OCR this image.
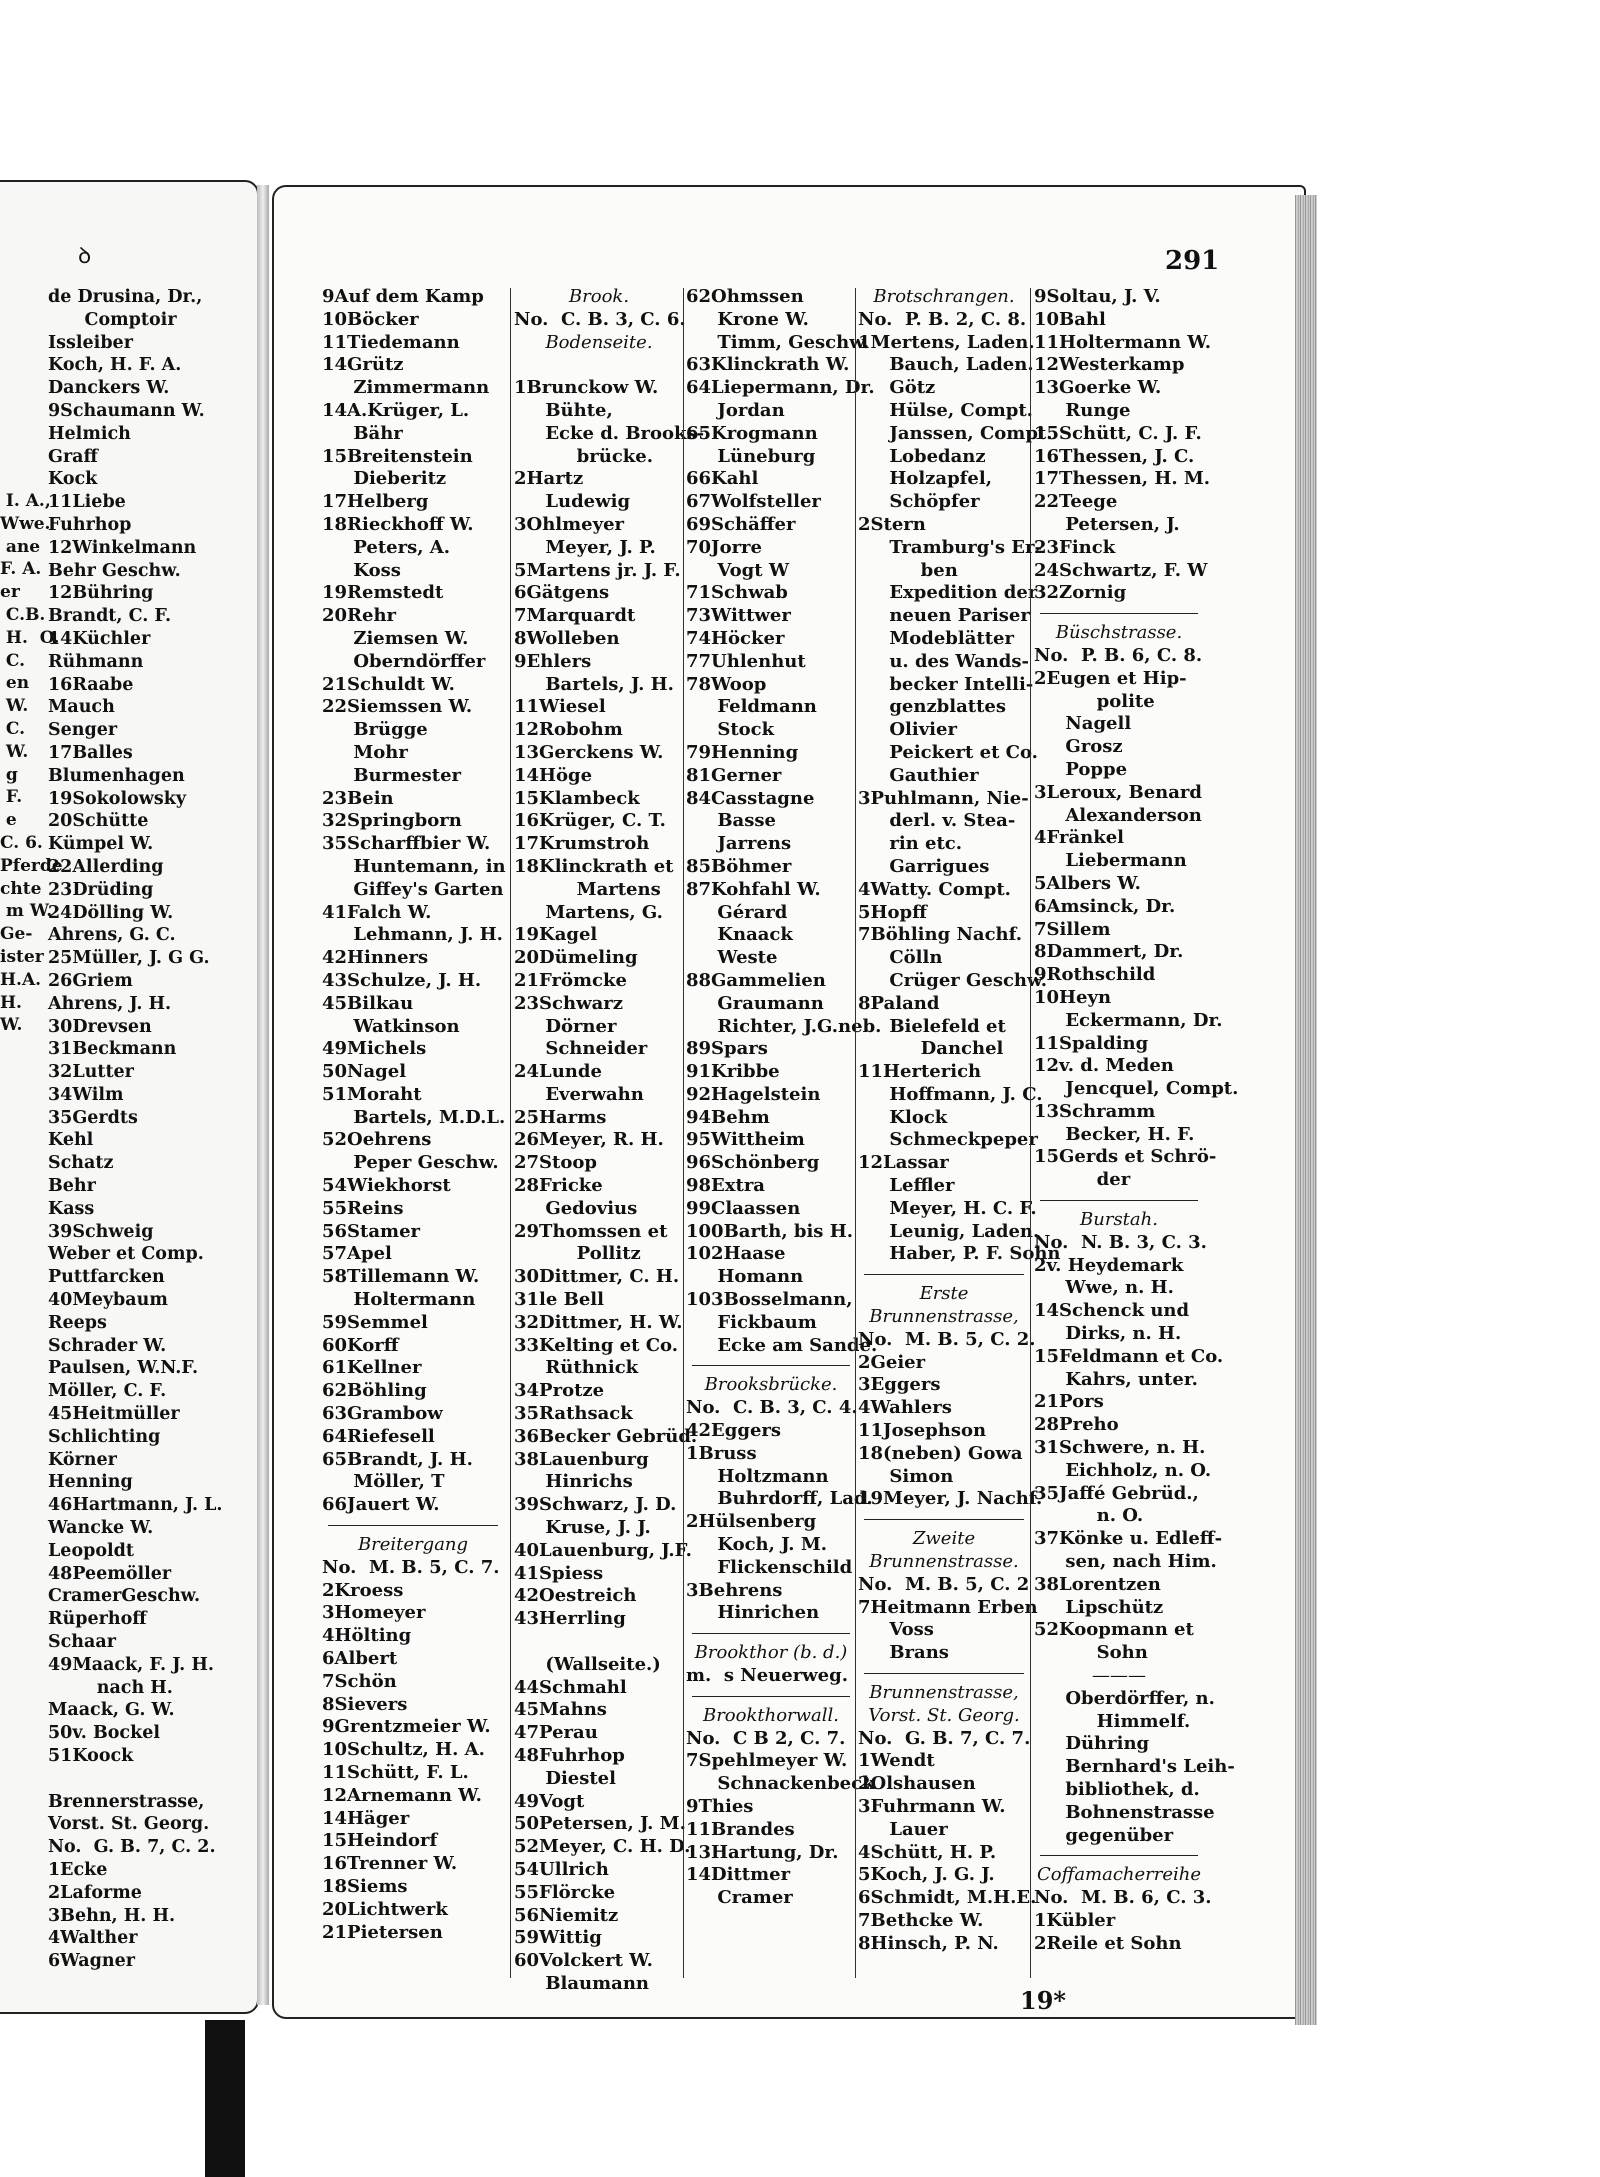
ꝺ	291
19*
I. A.,
Wwe.
ane
F. A.
er
C.B.
H.  O.
C.
en
W.
C.
W.
g
F.
e
C. 6.
Pferde
chte
m W.
Ge-
ister
H.A.
H.
W.
de Drusina, Dr.,
Comptoir
Issleiber
Koch, H. F. A.
Danckers W.
9Schaumann W.
Helmich
Graff
Kock
11Liebe
Fuhrhop
12Winkelmann
Behr Geschw.
12Bühring
Brandt, C. F.
14Küchler
Rühmann
16Raabe
Mauch
Senger
17Balles
Blumenhagen
19Sokolowsky
20Schütte
Kümpel W.
22Allerding
23Drüding
24Dölling W.
Ahrens, G. C.
25Müller, J. G G.
26Griem
Ahrens, J. H.
30Drevsen
31Beckmann
32Lutter
34Wilm
35Gerdts
Kehl
Schatz
Behr
Kass
39Schweig
Weber et Comp.
Puttfarcken
40Meybaum
Reeps
Schrader W.
Paulsen, W.N.F.
Möller, C. F.
45Heitmüller
Schlichting
Körner
Henning
46Hartmann, J. L.
Wancke W.
Leopoldt
48Peemöller
CramerGeschw.
Rüperhoff
Schaar
49Maack, F. J. H.
nach H.
Maack, G. W.
50v. Bockel
51Koock

Brennerstrasse,
Vorst. St. Georg.
No.  G. B. 7, C. 2.
1Ecke
2Laforme
3Behn, H. H.
4Walther
6Wagner
9Auf dem Kamp
10Böcker
11Tiedemann
14Grütz
Zimmermann
14A.Krüger, L.
Bähr
15Breitenstein
Dieberitz
17Helberg
18Rieckhoff W.
Peters, A.
Koss
19Remstedt
20Rehr
Ziemsen W.
Oberndörffer
21Schuldt W.
22Siemssen W.
Brügge
Mohr
Burmester
23Bein
32Springborn
35Scharffbier W.
Huntemann, in
Giffey's Garten
41Falch W.
Lehmann, J. H.
42Hinners
43Schulze, J. H.
45Bilkau
Watkinson
49Michels
50Nagel
51Moraht
Bartels, M.D.L.
52Oehrens
Peper Geschw.
54Wiekhorst
55Reins
56Stamer
57Apel
58Tillemann W.
Holtermann
59Semmel
60Korff
61Kellner
62Böhling
63Grambow
64Riefesell
65Brandt, J. H.
Möller, T
66Jauert W.
Breitergang
No.  M. B. 5, C. 7.
2Kroess
3Homeyer
4Hölting
6Albert
7Schön
8Sievers
9Grentzmeier W.
10Schultz, H. A.
11Schütt, F. L.
12Arnemann W.
14Häger
15Heindorf
16Trenner W.
18Siems
20Lichtwerk
21Pietersen
Brook.
No.  C. B. 3, C. 6.
Bodenseite.

1Brunckow W.
Bühte,
Ecke d. Brooks-
brücke.
2Hartz
Ludewig
3Ohlmeyer
Meyer, J. P.
5Martens jr. J. F.
6Gätgens
7Marquardt
8Wolleben
9Ehlers
Bartels, J. H.
11Wiesel
12Robohm
13Gerckens W.
14Höge
15Klambeck
16Krüger, C. T.
17Krumstroh
18Klinckrath et
Martens
Martens, G.
19Kagel
20Dümeling
21Frömcke
23Schwarz
Dörner
Schneider
24Lunde
Everwahn
25Harms
26Meyer, R. H.
27Stoop
28Fricke
Gedovius
29Thomssen et
Pollitz
30Dittmer, C. H.
31le Bell
32Dittmer, H. W.
33Kelting et Co.
Rüthnick
34Protze
35Rathsack
36Becker Gebrüd.
38Lauenburg
Hinrichs
39Schwarz, J. D.
Kruse, J. J.
40Lauenburg, J.F.
41Spiess
42Oestreich
43Herrling

(Wallseite.)
44Schmahl
45Mahns
47Perau
48Fuhrhop
Diestel
49Vogt
50Petersen, J. M.
52Meyer, C. H. D.
54Ullrich
55Flörcke
56Niemitz
59Wittig
60Volckert W.
Blaumann
62Ohmssen
Krone W.
Timm, Geschw.
63Klinckrath W.
64Liepermann, Dr.
Jordan
65Krogmann
Lüneburg
66Kahl
67Wolfsteller
69Schäffer
70Jorre
Vogt W
71Schwab
73Wittwer
74Höcker
77Uhlenhut
78Woop
Feldmann
Stock
79Henning
81Gerner
84Casstagne
Basse
Jarrens
85Böhmer
87Kohfahl W.
Gérard
Knaack
Weste
88Gammelien
Graumann
Richter, J.G.neb.
89Spars
91Kribbe
92Hagelstein
94Behm
95Wittheim
96Schönberg
98Extra
99Claassen
100Barth, bis H.
102Haase
Homann
103Bosselmann,
Fickbaum
Ecke am Sande.
Brooksbrücke.
No.  C. B. 3, C. 4.
42Eggers
1Bruss
Holtzmann
Buhrdorff, Lad.
2Hülsenberg
Koch, J. M.
Flickenschild
3Behrens
Hinrichen
Brookthor (b. d.)
m.  s Neuerweg.
Brookthorwall.
No.  C B 2, C. 7.
7Spehlmeyer W.
Schnackenbeck
9Thies
11Brandes
13Hartung, Dr.
14Dittmer
Cramer
Brotschrangen.
No.  P. B. 2, C. 8.
1Mertens, Laden.
Bauch, Laden.
Götz
Hülse, Compt.
Janssen, Compt.
Lobedanz
Holzapfel,
Schöpfer
2Stern
Tramburg's Er-
ben
Expedition der
neuen Pariser
Modeblätter
u. des Wands-
becker Intelli-
genzblattes
Olivier
Peickert et Co.
Gauthier
3Puhlmann, Nie-
derl. v. Stea-
rin etc.
Garrigues
4Watty. Compt.
5Hopff
7Böhling Nachf.
Cölln
Crüger Geschw.
8Paland
Bielefeld et
Danchel
11Herterich
Hoffmann, J. C.
Klock
Schmeckpeper
12Lassar
Leffler
Meyer, H. C. F.
Leunig, Laden.
Haber, P. F. Sohn
Erste
Brunnenstrasse,
No.  M. B. 5, C. 2.
2Geier
3Eggers
4Wahlers
11Josephson
18(neben) Gowa
Simon
19Meyer, J. Nachf.
Zweite
Brunnenstrasse.
No.  M. B. 5, C. 2
7Heitmann Erben
Voss
Brans
Brunnenstrasse,
Vorst. St. Georg.
No.  G. B. 7, C. 7.
1Wendt
2Olshausen
3Fuhrmann W.
Lauer
4Schütt, H. P.
5Koch, J. G. J.
6Schmidt, M.H.E.
7Bethcke W.
8Hinsch, P. N.
9Soltau, J. V.
10Bahl
11Holtermann W.
12Westerkamp
13Goerke W.
Runge
15Schütt, C. J. F.
16Thessen, J. C.
17Thessen, H. M.
22Teege
Petersen, J.
23Finck
24Schwartz, F. W
32Zornig
Büschstrasse.
No.  P. B. 6, C. 8.
2Eugen et Hip-
polite
Nagell
Grosz
Poppe
3Leroux, Benard
Alexanderson
4Fränkel
Liebermann
5Albers W.
6Amsinck, Dr.
7Sillem
8Dammert, Dr.
9Rothschild
10Heyn
Eckermann, Dr.
11Spalding
12v. d. Meden
Jencquel, Compt.
13Schramm
Becker, H. F.
15Gerds et Schrö-
der
Burstah.
No.  N. B. 3, C. 3.
2v. Heydemark
Wwe, n. H.
14Schenck und
Dirks, n. H.
15Feldmann et Co.
Kahrs, unter.
21Pors
28Preho
31Schwere, n. H.
Eichholz, n. O.
35Jaffé Gebrüd.,
n. O.
37Könke u. Edleff-
sen, nach Him.
38Lorentzen
Lipschütz
52Koopmann et
Sohn
———
Oberdörffer, n.
Himmelf.
Dühring
Bernhard's Leih-
bibliothek, d.
Bohnenstrasse
gegenüber
Coffamacherreihe
No.  M. B. 6, C. 3.
1Kübler
2Reile et Sohn
